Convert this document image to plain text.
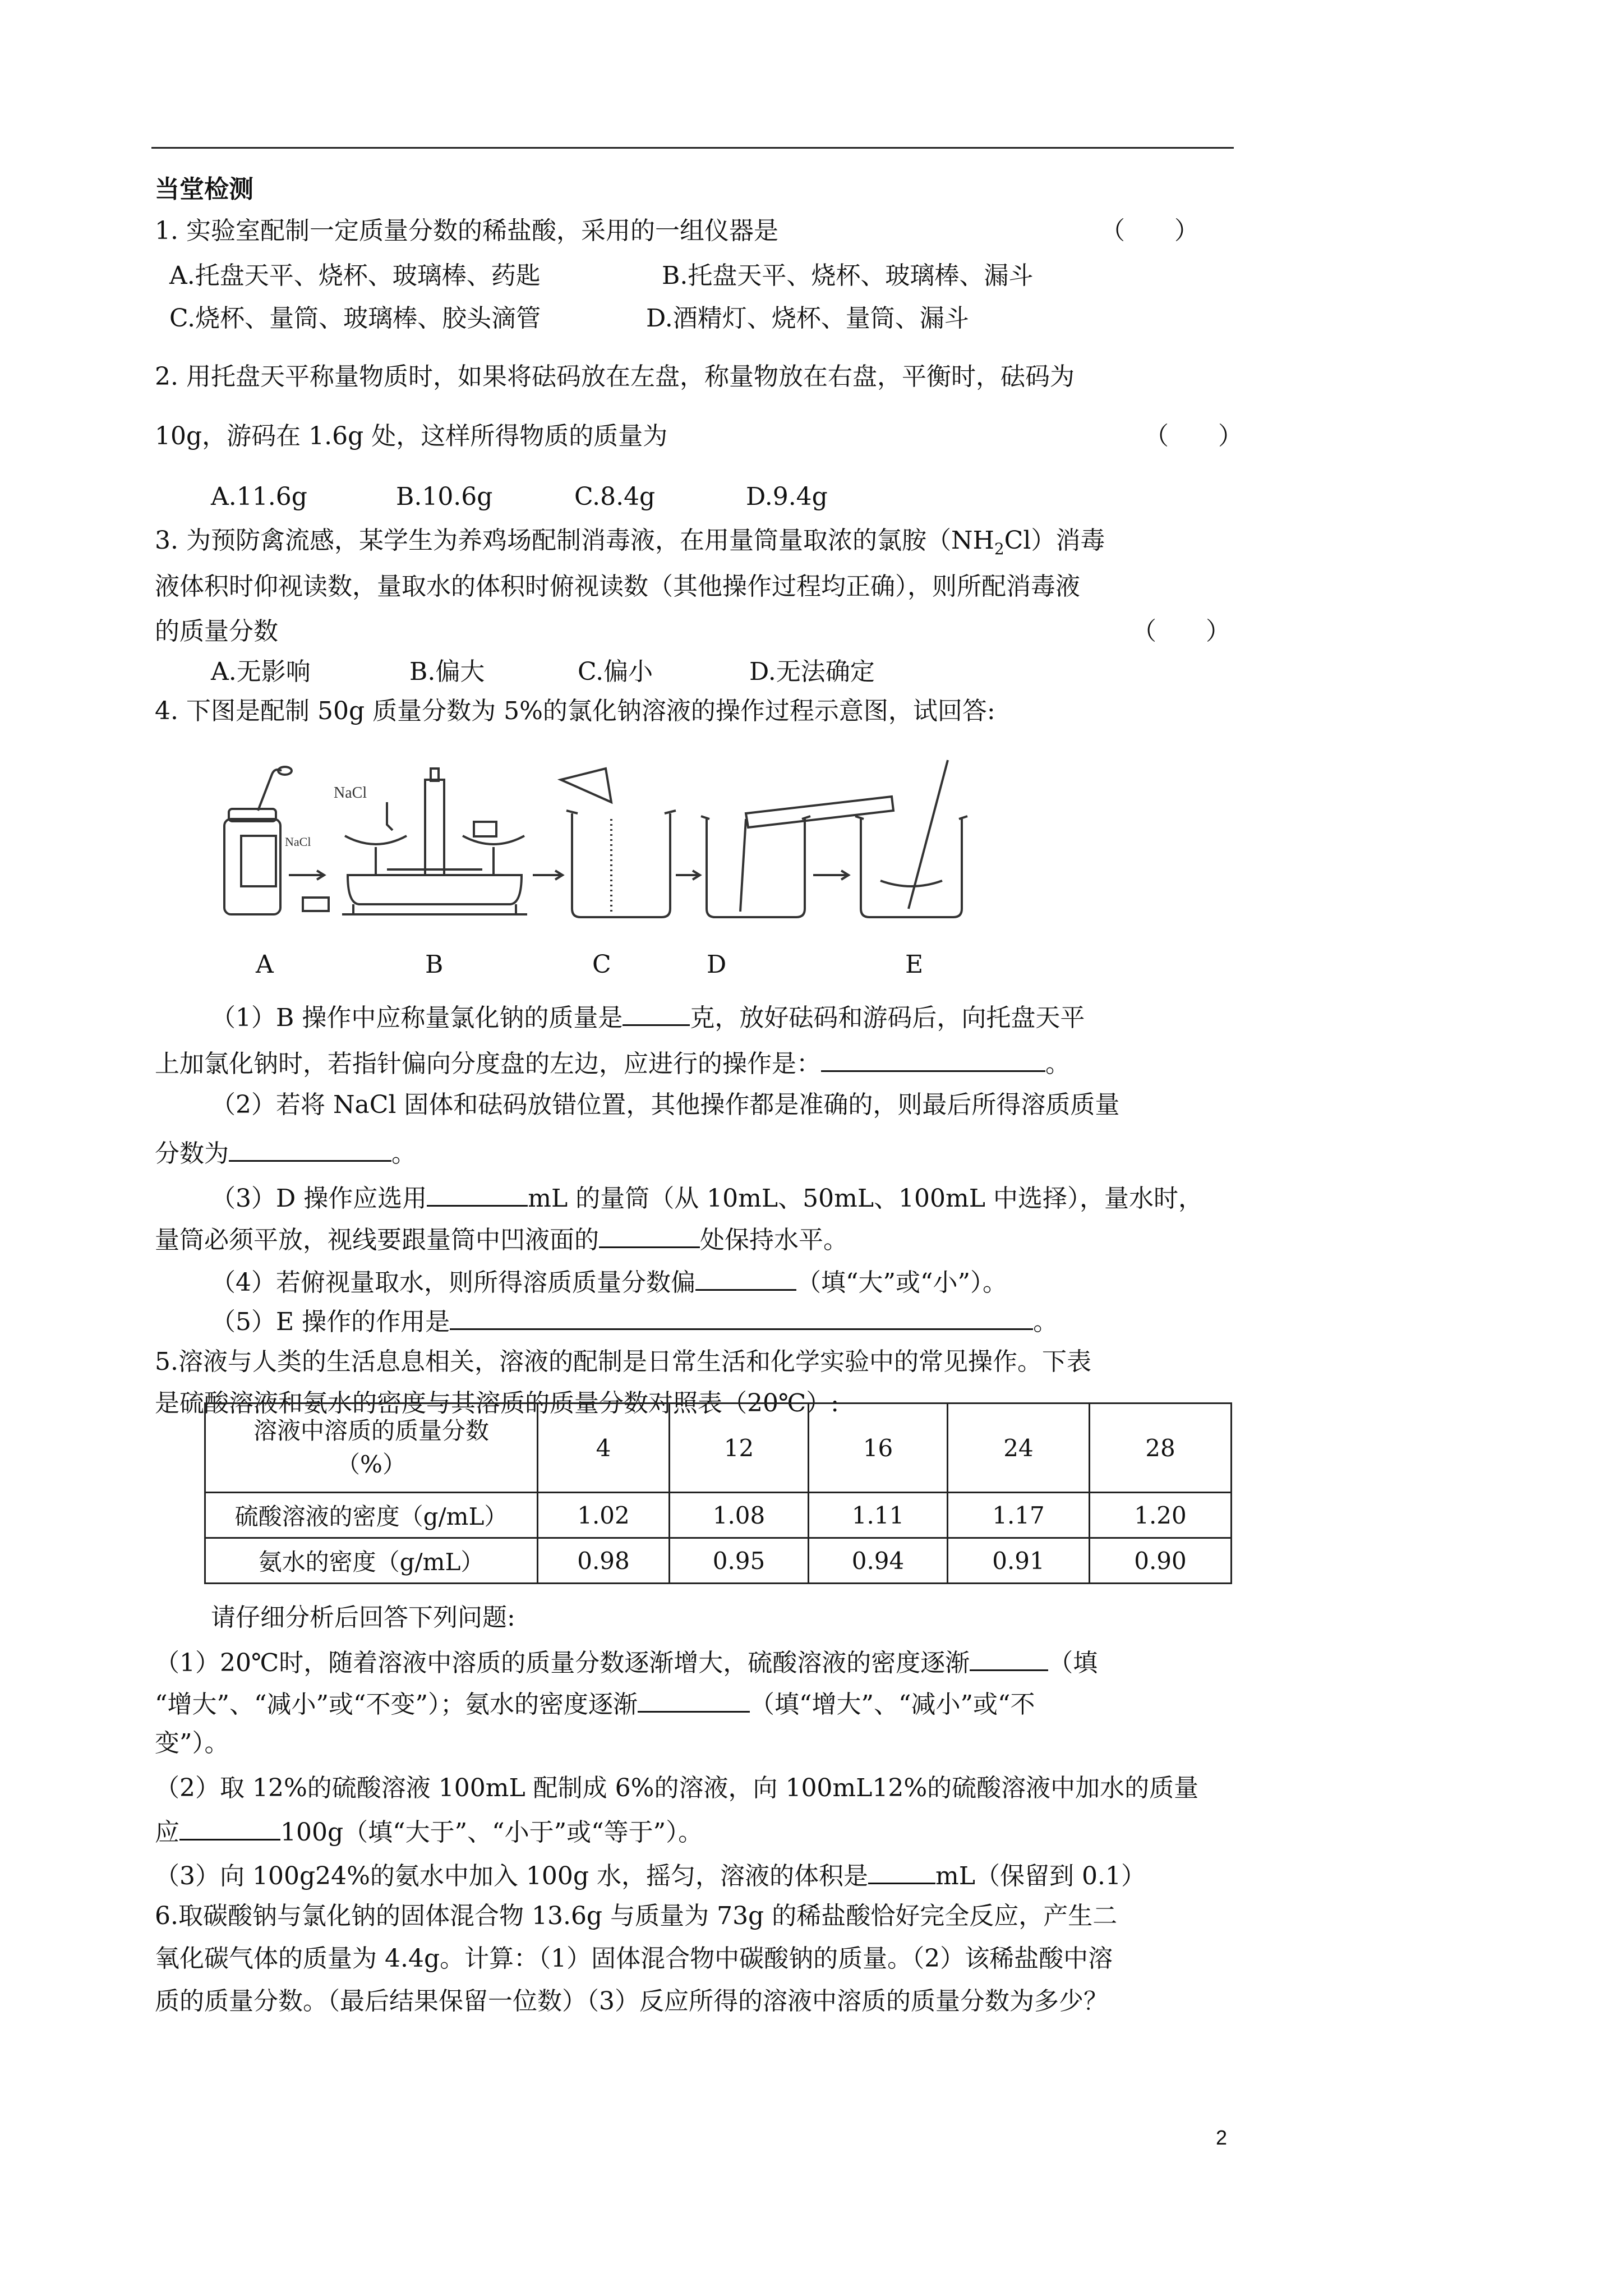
当堂检测
1. 实验室配制一定质量分数的稀盐酸，采用的一组仪器是	（　　）
A.托盘天平、烧杯、玻璃棒、药匙	B.托盘天平、烧杯、玻璃棒、漏斗
C.烧杯、量筒、玻璃棒、胶头滴管	D.酒精灯、烧杯、量筒、漏斗
2. 用托盘天平称量物质时，如果将砝码放在左盘，称量物放在右盘，平衡时，砝码为
10g，游码在 1.6g 处，这样所得物质的质量为	（　　）
A.11.6g	B.10.6g	C.8.4g	D.9.4g
3. 为预防禽流感，某学生为养鸡场配制消毒液，在用量筒量取浓的氯胺$(NH_2Cl)$消毒
液体积时仰视读数，量取水的体积时俯视读数（其他操作过程均正确），则所配消毒液
的质量分数	（　　）
A.无影响	B.偏大	C.偏小	D.无法确定
4. 下图是配制 50g 质量分数为 5%的氯化钠溶液的操作过程示意图，试回答:
NaCl
NaCl
A	B	C	D	E
（1）B 操作中应称量氯化钠的质量是	克，放好砝码和游码后，向托盘天平
上加氯化钠时，若指针偏向分度盘的左边，应进行的操作是：	。
（2）若将 NaCl 固体和砝码放错位置，其他操作都是准确的，则最后所得溶质质量
分数为	。
（3）D 操作应选用	mL 的量筒（从 10mL、50mL、100mL 中选择），量水时，
量筒必须平放，视线要跟量筒中凹液面的	处保持水平。
（4）若俯视量取水，则所得溶质质量分数偏	（填“大”或“小”）。
（5）E 操作的作用是	。
5.溶液与人类的生活息息相关，溶液的配制是日常生活和化学实验中的常见操作。下表
是硫酸溶液和氨水的密度与其溶质的质量分数对照表（20℃）:
溶液中溶质的质量分数
（%）	4	12	16	24	28
硫酸溶液的密度（g/mL）	1.02	1.08	1.11	1.17	1.20
氨水的密度（g/mL）	0.98	0.95	0.94	0.91	0.90
请仔细分析后回答下列问题:
（1）20℃时，随着溶液中溶质的质量分数逐渐增大，硫酸溶液的密度逐渐	（填
“增大”、“减小”或“不变”）；氨水的密度逐渐	（填“增大”、“减小”或“不
变”）。
（2）取 12%的硫酸溶液 100mL 配制成 6%的溶液，向 100mL12%的硫酸溶液中加水的质量
应	100g（填“大于”、“小于”或“等于”）。
（3）向 100g24%的氨水中加入 100g 水，摇匀，溶液的体积是	mL（保留到 0.1）
6.取碳酸钠与氯化钠的固体混合物 13.6g 与质量为 73g 的稀盐酸恰好完全反应，产生二
氧化碳气体的质量为 4.4g。计算：（1）固体混合物中碳酸钠的质量。（2）该稀盐酸中溶
质的质量分数。（最后结果保留一位数）（3）反应所得的溶液中溶质的质量分数为多少？
2
